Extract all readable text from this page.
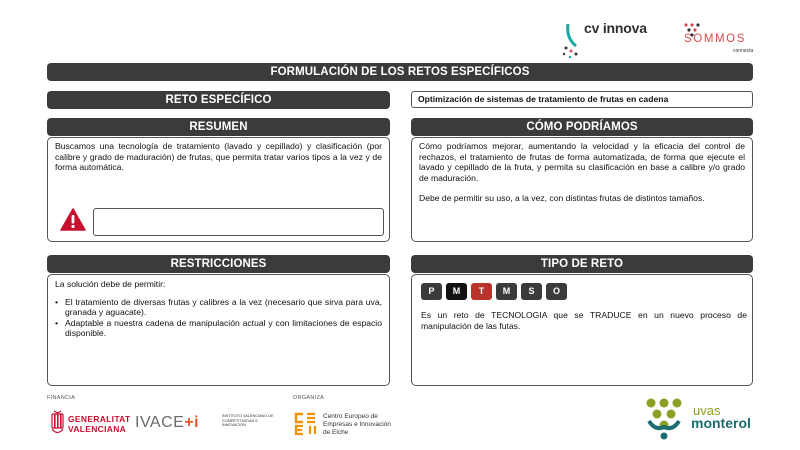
cv innova
SOMMOS
connecta
FORMULACIÓN DE LOS RETOS ESPECÍFICOS
RETO ESPECÍFICO	Optimización de sistemas de tratamiento de frutas en cadena
RESUMEN

Buscamos una tecnología de tratamiento (lavado y cepillado) y clasificación (por calibre y grado de maduración) de frutas, que permita tratar varios tipos a la vez y de forma automática.

CÓMO PODRÍAMOS

Cómo podríamos mejorar, aumentando la velocidad y la eficacia del control de rechazos, el tratamiento de frutas de forma automatizada, de forma que ejecute el lavado y cepillado de la fruta, y permita su clasificación en base a calibre y/o grado de maduración.

Debe de permitir su uso, a la vez, con distintas frutas de distintos tamaños.

RESTRICCIONES

La solución debe de permitir:

• El tratamiento de diversas frutas y calibres a la vez (necesario que sirva para uva, granada y aguacate).
• Adaptable a nuestra cadena de manipulación actual y con limitaciones de espacio disponible.
TIPO DE RETO
P	M	T	M	S	O

Es un reto de TECNOLOGIA que se TRADUCE en un nuevo proceso de manipulación de las futas.

FINANCIA	ORGANIZA
GENERALITAT
VALENCIANA IVACE+i	INSTITUTO VALENCIANO DE COMPETITIVIDAD E INNOVACIÓN
Centro Europeo de
Empresas e Innovación
de Elche
uvas
monterol
